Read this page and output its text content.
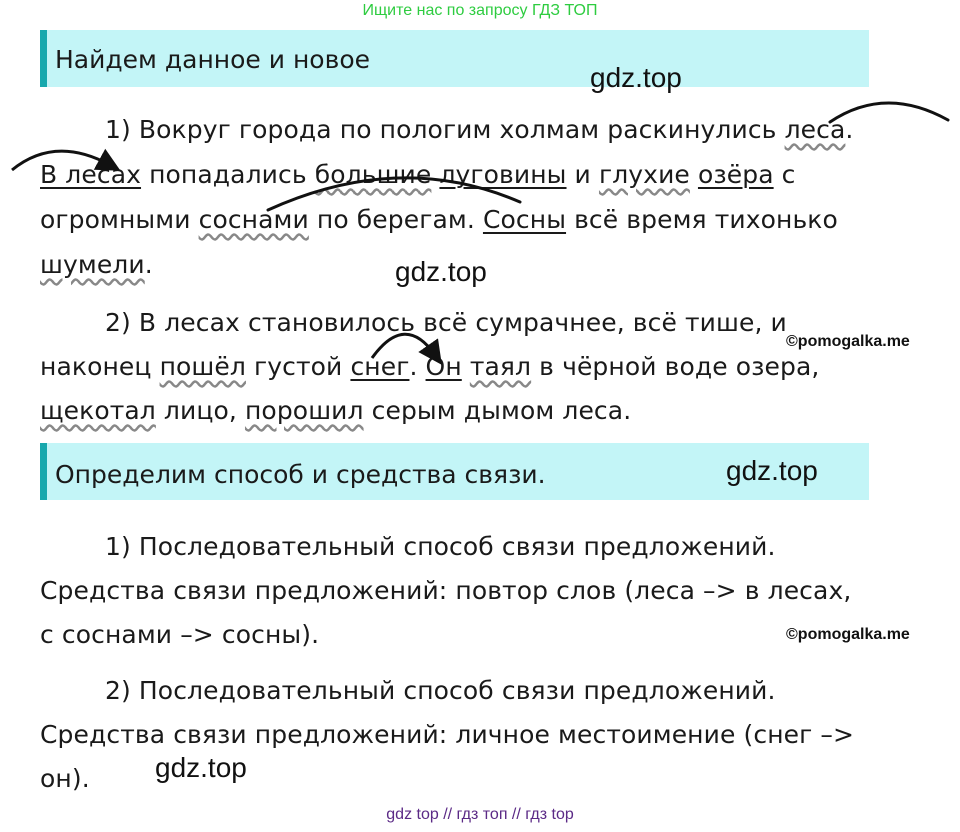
Ищите нас по запросу ГДЗ ТОП
Найдем данное и новое
1) Вокруг города по пологим холмам раскинулись леса.
В лесах попадались большие луговины и глухие озёра с
огромными соснами по берегам. Сосны всё время тихонько
шумели.
2) В лесах становилось всё сумрачнее, всё тише, и
наконец пошёл густой снег. Он таял в чёрной воде озера,
щекотал лицо, порошил серым дымом леса.
Определим способ и средства связи.
1) Последовательный способ связи предложений.
Средства связи предложений: повтор слов (леса –> в лесах,
с соснами –> сосны).
2) Последовательный способ связи предложений.
Средства связи предложений: личное местоимение (снег –>
он).
gdz.top
gdz.top
gdz.top
gdz.top
©pomogalka.me
©pomogalka.me
gdz top // гдз топ // гдз top
